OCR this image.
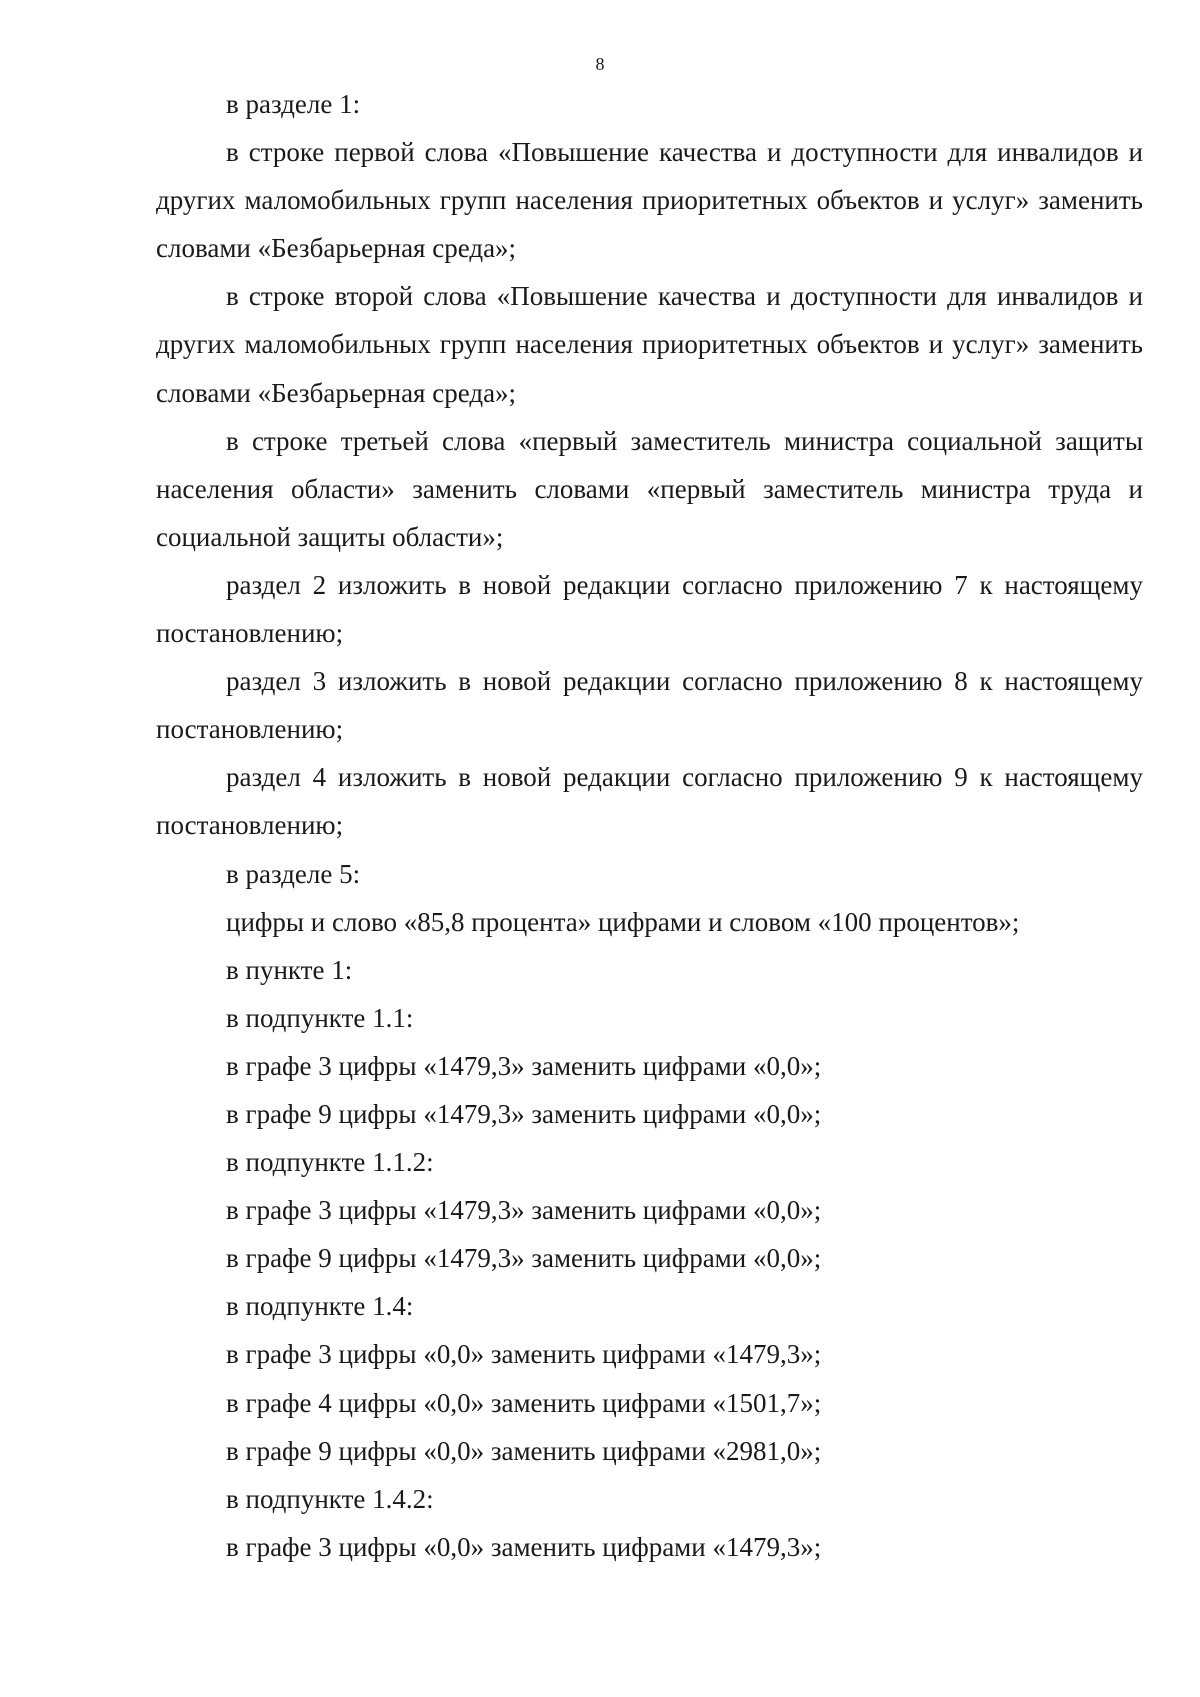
8

в разделе 1:

в строке первой слова «Повышение качества и доступности для инвалидов и других маломобильных групп населения приоритетных объектов и услуг» заменить словами «Безбарьерная среда»;

в строке второй слова «Повышение качества и доступности для инвалидов и других маломобильных групп населения приоритетных объектов и услуг» заменить словами «Безбарьерная среда»;

в строке третьей слова «первый заместитель министра социальной защиты населения области» заменить словами «первый заместитель министра труда и социальной защиты области»;

раздел 2 изложить в новой редакции согласно приложению 7 к настоящему постановлению;

раздел 3 изложить в новой редакции согласно приложению 8 к настоящему постановлению;

раздел 4 изложить в новой редакции согласно приложению 9 к настоящему постановлению;

в разделе 5:

цифры и слово «85,8 процента» цифрами и словом «100 процентов»;

в пункте 1:

в подпункте 1.1:

в графе 3 цифры «1479,3» заменить цифрами «0,0»;

в графе 9 цифры «1479,3» заменить цифрами «0,0»;

в подпункте 1.1.2:

в графе 3 цифры «1479,3» заменить цифрами «0,0»;

в графе 9 цифры «1479,3» заменить цифрами «0,0»;

в подпункте 1.4:

в графе 3 цифры «0,0» заменить цифрами «1479,3»;

в графе 4 цифры «0,0» заменить цифрами «1501,7»;

в графе 9 цифры «0,0» заменить цифрами «2981,0»;

в подпункте 1.4.2:

в графе 3 цифры «0,0» заменить цифрами «1479,3»;
